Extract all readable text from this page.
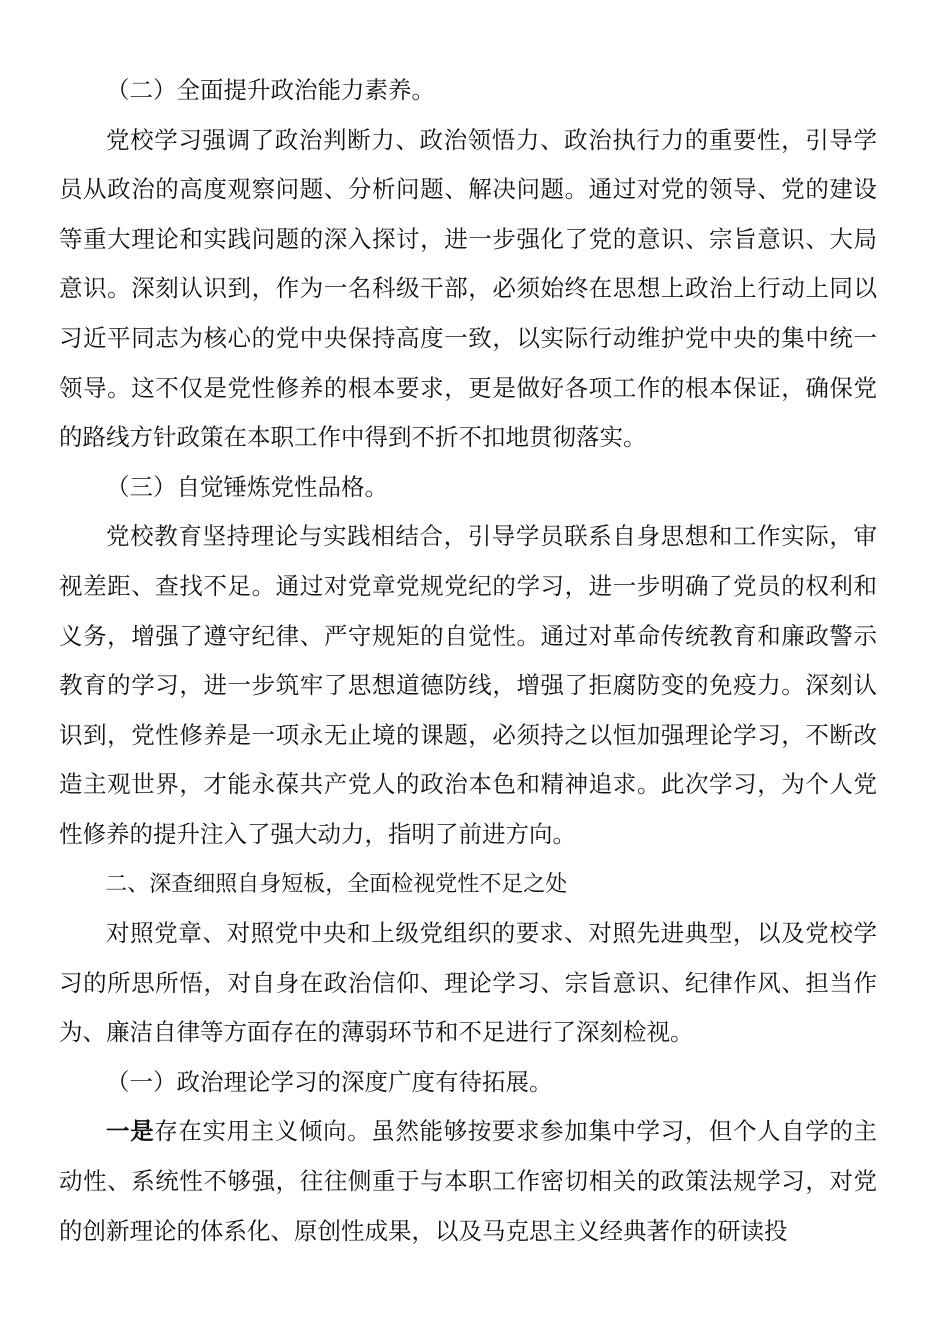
（二）全面提升政治能力素养。

党校学习强调了政治判断力、政治领悟力、政治执行力的重要性，引导学员从政治的高度观察问题、分析问题、解决问题。通过对党的领导、党的建设等重大理论和实践问题的深入探讨，进一步强化了党的意识、宗旨意识、大局意识。深刻认识到，作为一名科级干部，必须始终在思想上政治上行动上同以习近平同志为核心的党中央保持高度一致，以实际行动维护党中央的集中统一领导。这不仅是党性修养的根本要求，更是做好各项工作的根本保证，确保党的路线方针政策在本职工作中得到不折不扣地贯彻落实。

（三）自觉锤炼党性品格。

党校教育坚持理论与实践相结合，引导学员联系自身思想和工作实际，审视差距、查找不足。通过对党章党规党纪的学习，进一步明确了党员的权利和义务，增强了遵守纪律、严守规矩的自觉性。通过对革命传统教育和廉政警示教育的学习，进一步筑牢了思想道德防线，增强了拒腐防变的免疫力。深刻认识到，党性修养是一项永无止境的课题，必须持之以恒加强理论学习，不断改造主观世界，才能永葆共产党人的政治本色和精神追求。此次学习，为个人党性修养的提升注入了强大动力，指明了前进方向。

二、深查细照自身短板，全面检视党性不足之处

对照党章、对照党中央和上级党组织的要求、对照先进典型，以及党校学习的所思所悟，对自身在政治信仰、理论学习、宗旨意识、纪律作风、担当作为、廉洁自律等方面存在的薄弱环节和不足进行了深刻检视。

（一）政治理论学习的深度广度有待拓展。

一是存在实用主义倾向。虽然能够按要求参加集中学习，但个人自学的主动性、系统性不够强，往往侧重于与本职工作密切相关的政策法规学习，对党的创新理论的体系化、原创性成果，以及马克思主义经典著作的研读投
